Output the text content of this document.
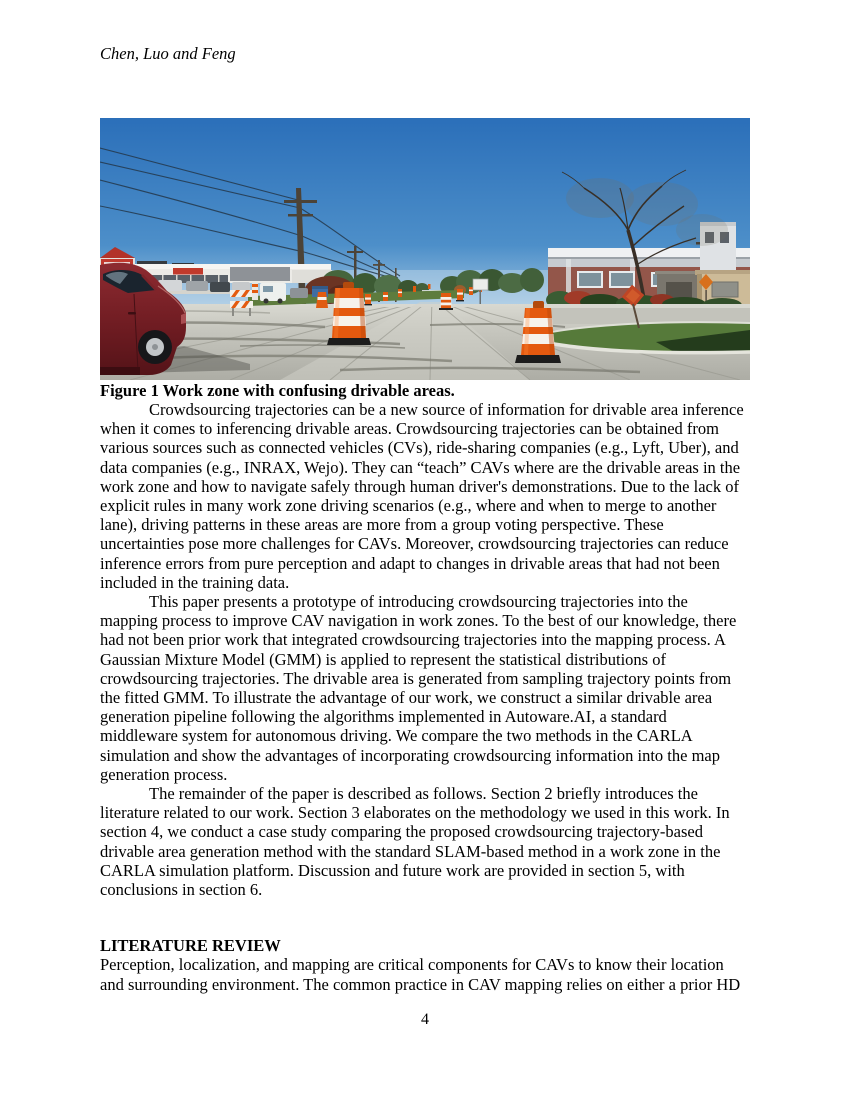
Chen, Luo and Feng
Figure 1 Work zone with confusing drivable areas.

Crowdsourcing trajectories can be a new source of information for drivable area inference when it comes to inferencing drivable areas. Crowdsourcing trajectories can be obtained from various sources such as connected vehicles (CVs), ride-sharing companies (e.g., Lyft, Uber), and data companies (e.g., INRAX, Wejo). They can “teach” CAVs where are the drivable areas in the work zone and how to navigate safely through human driver's demonstrations. Due to the lack of explicit rules in many work zone driving scenarios (e.g., where and when to merge to another lane), driving patterns in these areas are more from a group voting perspective. These uncertainties pose more challenges for CAVs. Moreover, crowdsourcing trajectories can reduce inference errors from pure perception and adapt to changes in drivable areas that had not been included in the training data.

This paper presents a prototype of introducing crowdsourcing trajectories into the mapping process to improve CAV navigation in work zones. To the best of our knowledge, there had not been prior work that integrated crowdsourcing trajectories into the mapping process. A Gaussian Mixture Model (GMM) is applied to represent the statistical distributions of crowdsourcing trajectories. The drivable area is generated from sampling trajectory points from the fitted GMM. To illustrate the advantage of our work, we construct a similar drivable area generation pipeline following the algorithms implemented in Autoware.AI, a standard middleware system for autonomous driving. We compare the two methods in the CARLA simulation and show the advantages of incorporating crowdsourcing information into the map generation process.

The remainder of the paper is described as follows. Section 2 briefly introduces the literature related to our work. Section 3 elaborates on the methodology we used in this work. In section 4, we conduct a case study comparing the proposed crowdsourcing trajectory-based drivable area generation method with the standard SLAM-based method in a work zone in the CARLA simulation platform. Discussion and future work are provided in section 5, with conclusions in section 6.

LITERATURE REVIEW

Perception, localization, and mapping are critical components for CAVs to know their location and surrounding environment. The common practice in CAV mapping relies on either a prior HD

4
